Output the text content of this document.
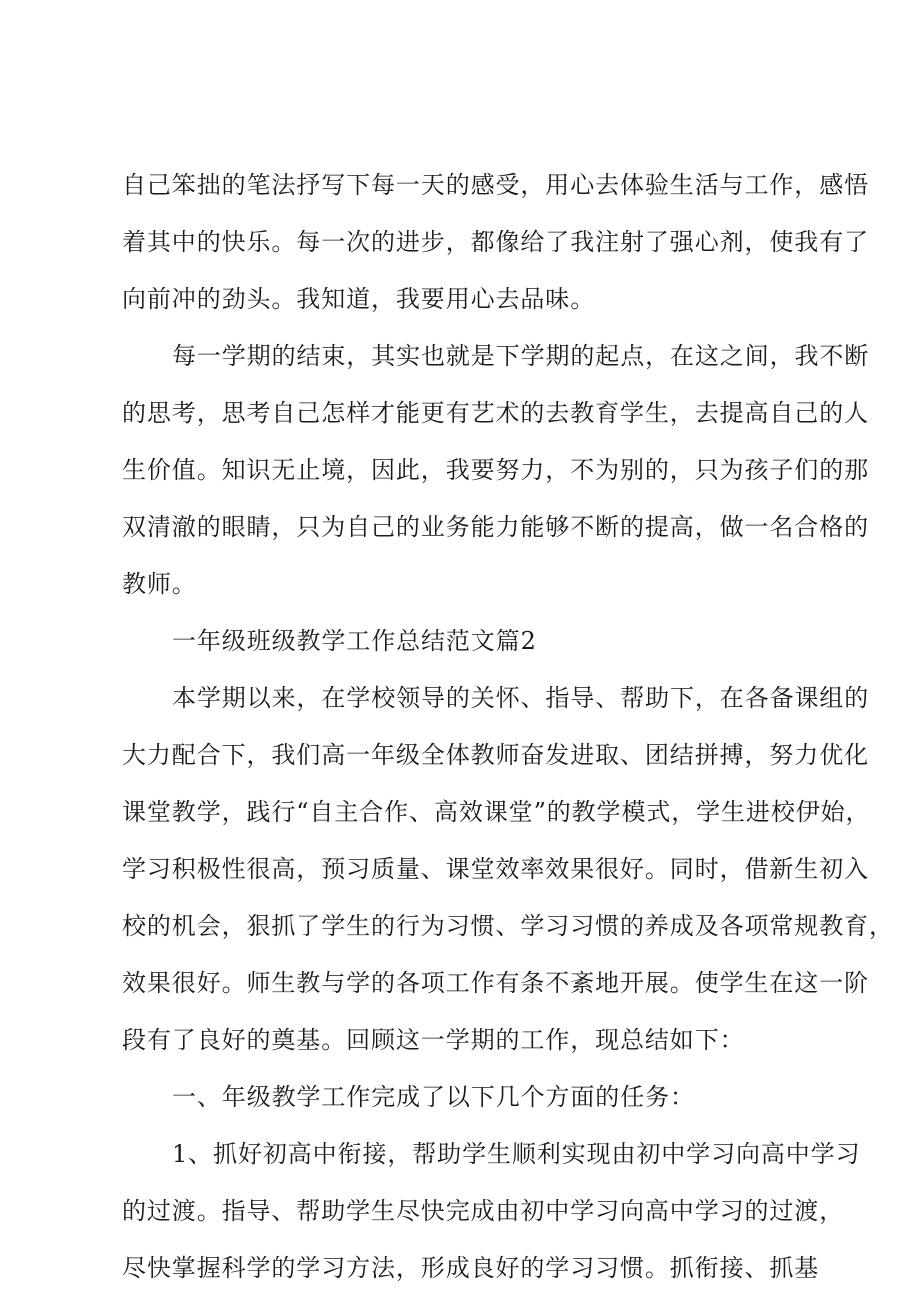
自己笨拙的笔法抒写下每一天的感受，用心去体验生活与工作，感悟
着其中的快乐。每一次的进步，都像给了我注射了强心剂，使我有了
向前冲的劲头。我知道，我要用心去品味。
每一学期的结束，其实也就是下学期的起点，在这之间，我不断
的思考，思考自己怎样才能更有艺术的去教育学生，去提高自己的人
生价值。知识无止境，因此，我要努力，不为别的，只为孩子们的那
双清澈的眼睛，只为自己的业务能力能够不断的提高，做一名合格的
教师。
一年级班级教学工作总结范文篇2
本学期以来，在学校领导的关怀、指导、帮助下，在各备课组的
大力配合下，我们高一年级全体教师奋发进取、团结拼搏，努力优化
课堂教学，践行“自主合作、高效课堂”的教学模式，学生进校伊始，
学习积极性很高，预习质量、课堂效率效果很好。同时，借新生初入
校的机会，狠抓了学生的行为习惯、学习习惯的养成及各项常规教育，
效果很好。师生教与学的各项工作有条不紊地开展。使学生在这一阶
段有了良好的奠基。回顾这一学期的工作，现总结如下：
一、年级教学工作完成了以下几个方面的任务：
1、抓好初高中衔接，帮助学生顺利实现由初中学习向高中学习
的过渡。指导、帮助学生尽快完成由初中学习向高中学习的过渡，
尽快掌握科学的学习方法，形成良好的学习习惯。抓衔接、抓基
